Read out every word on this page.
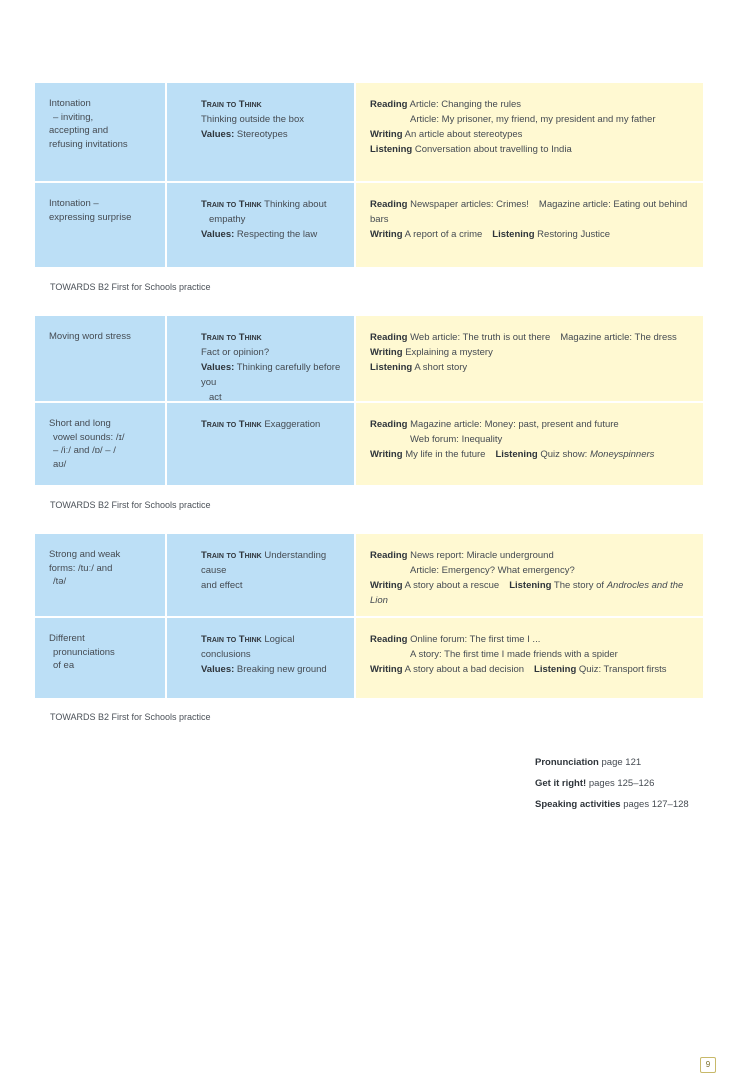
Intonation
– inviting,
accepting and
refusing invitations
Train to Think
Thinking outside the box
Values: Stereotypes
Reading Article: Changing the rules
Article: My prisoner, my friend, my president and my father
Writing An article about stereotypes
Listening Conversation about travelling to India
Intonation –
expressing surprise
Train to Think Thinking about
empathy
Values: Respecting the law
Reading Newspaper articles: Crimes! Magazine article: Eating out behind
bars
Writing A report of a crime Listening Restoring Justice
TOWARDS B2 First for Schools practice
Moving word stress	Train to Think
Fact or opinion?
Values: Thinking carefully before you
act
Reading Web article: The truth is out there Magazine article: The dress
Writing Explaining a mystery
Listening A short story
Short and long
vowel sounds: /ɪ/
– /iː/ and /ɒ/ – /
aʊ/
Train to Think Exaggeration	Reading Magazine article: Money: past, present and future
Web forum: Inequality
Writing My life in the future Listening Quiz show: Moneyspinners
TOWARDS B2 First for Schools practice
Strong and weak
forms: /tuː/ and
/tə/
Train to Think Understanding cause
and effect
Reading News report: Miracle underground
Article: Emergency? What emergency?
Writing A story about a rescue Listening The story of Androcles and the
Lion
Different
pronunciations
of ea
Train to Think Logical conclusions
Values: Breaking new ground
Reading Online forum: The first time I ...
A story: The first time I made friends with a spider
Writing A story about a bad decision Listening Quiz: Transport firsts
TOWARDS B2 First for Schools practice
Pronunciation page 121
Get it right! pages 125–126
Speaking activities pages 127–128
9
